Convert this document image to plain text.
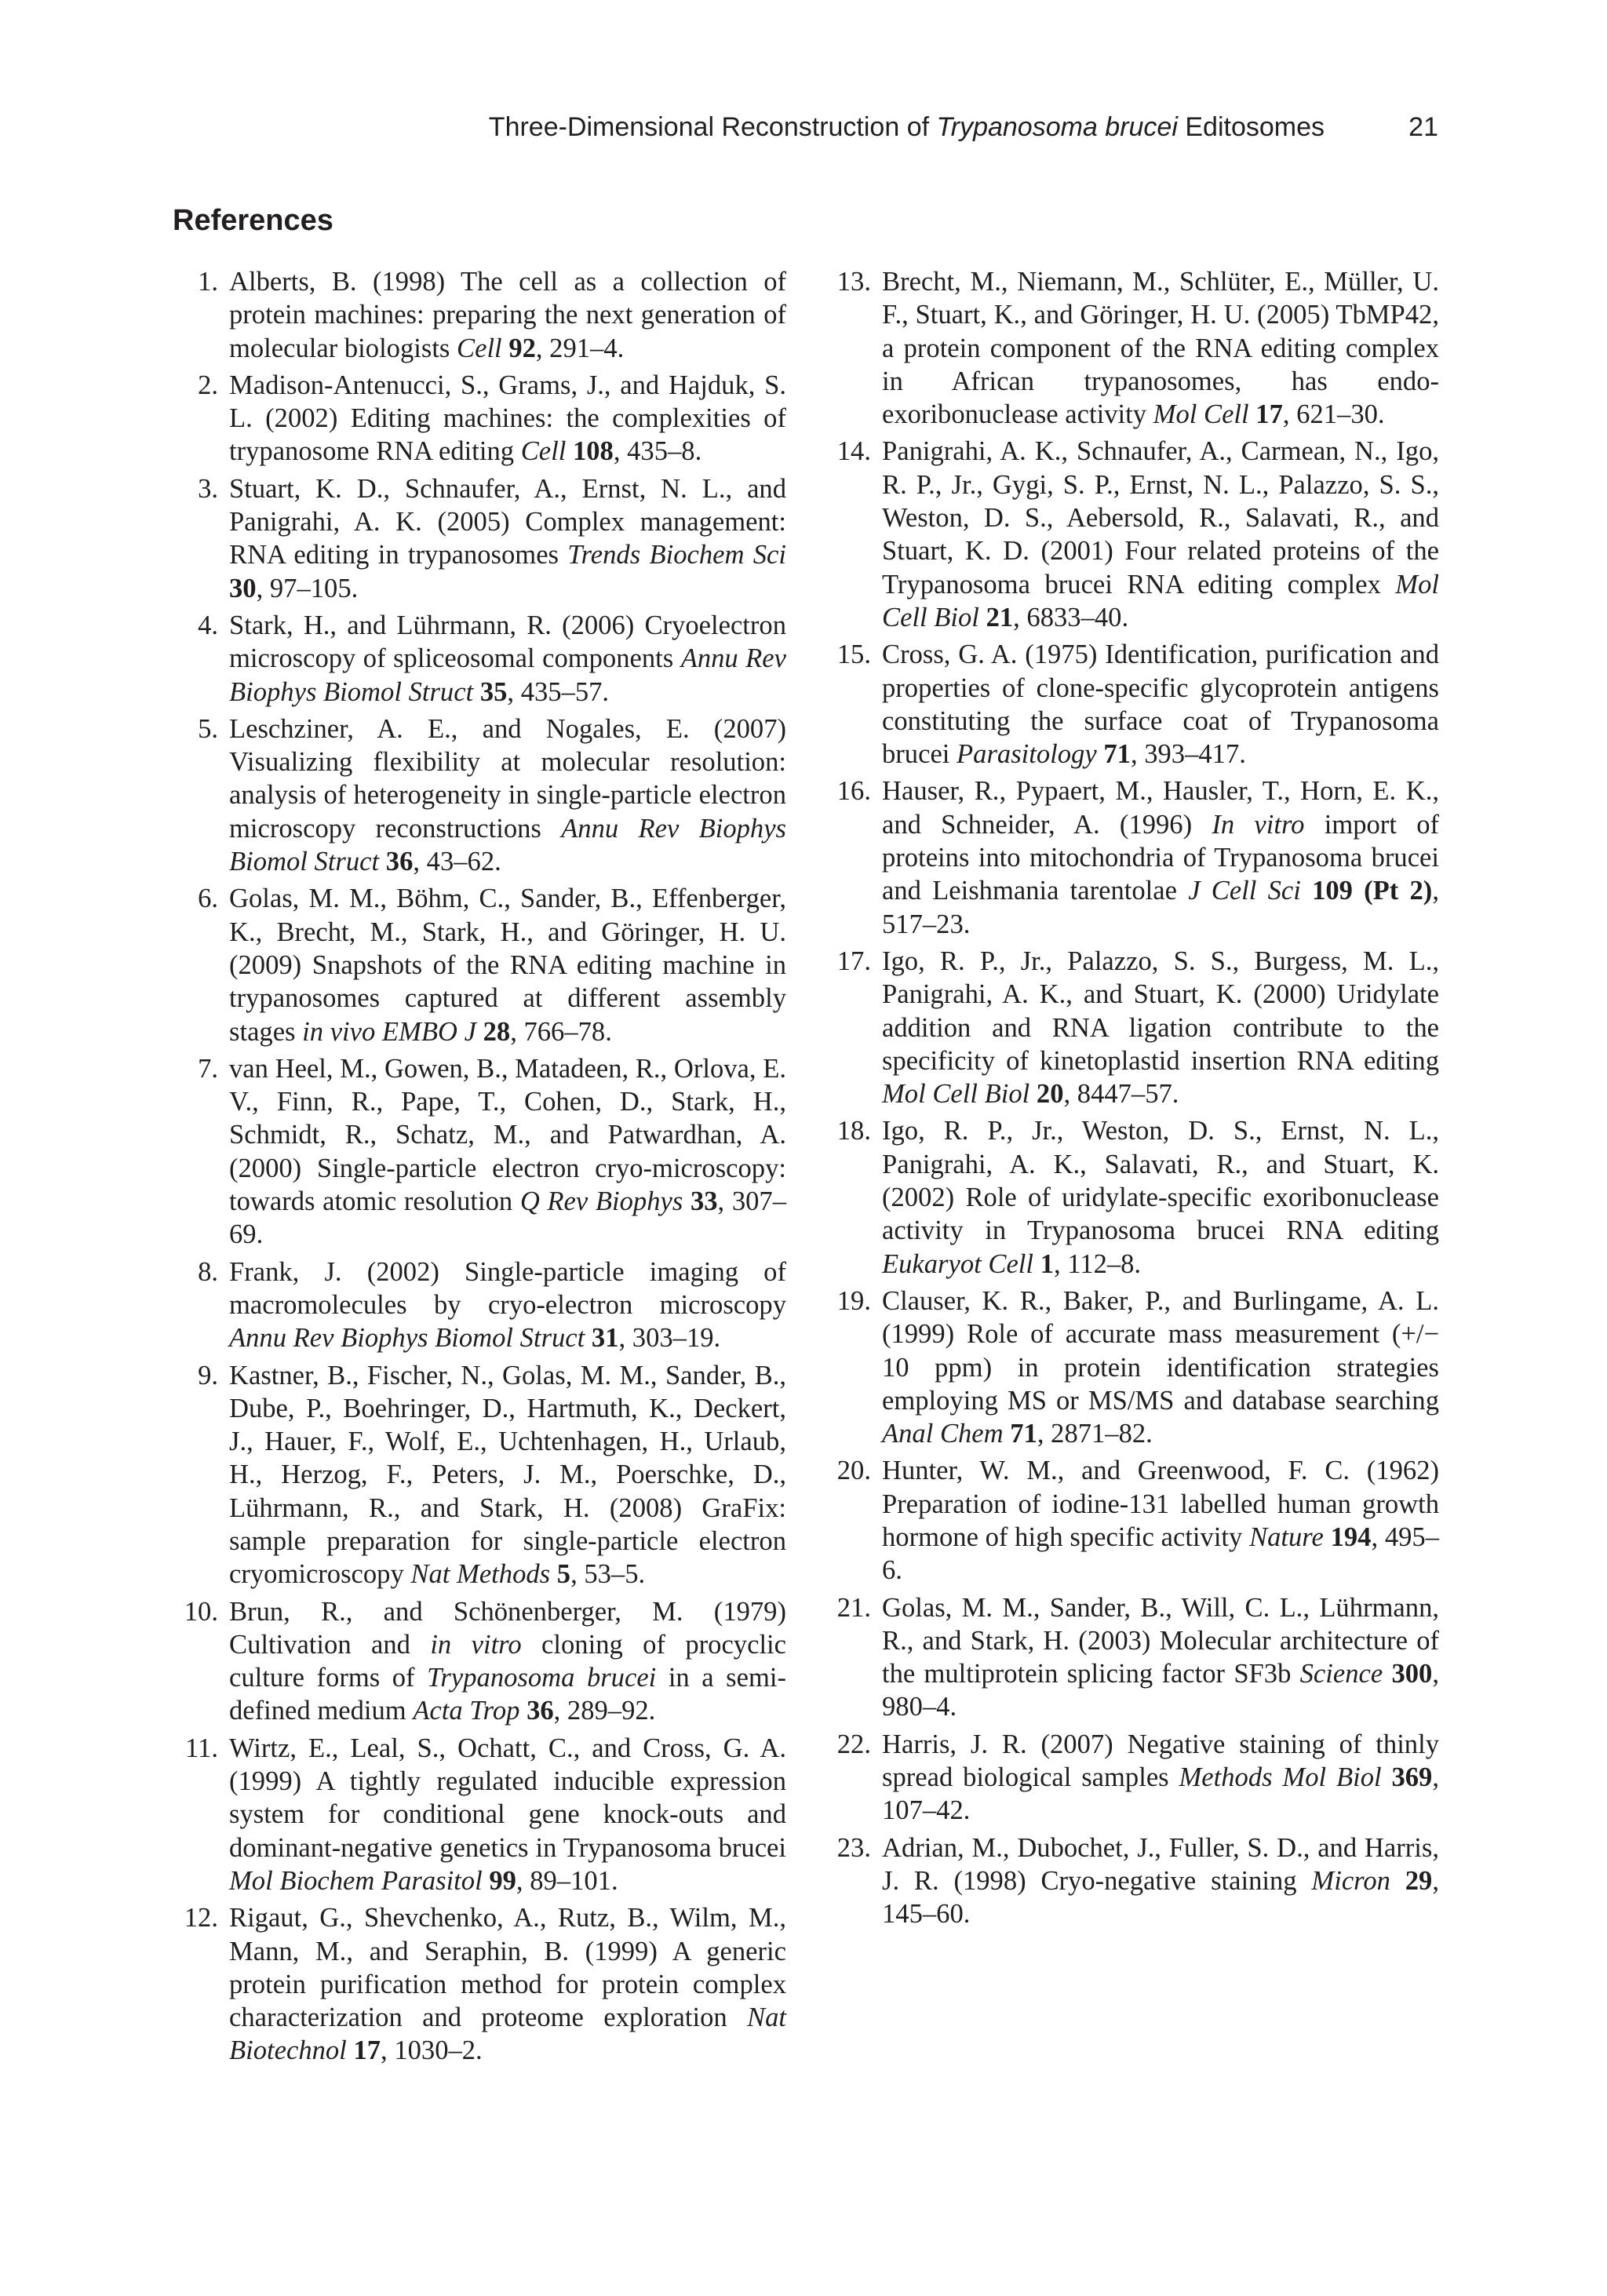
Three-Dimensional Reconstruction of Trypanosoma brucei Editosomes	21
References
1. Alberts, B. (1998) The cell as a collection of protein machines: preparing the next generation of molecular biologists Cell 92, 291–4.
2. Madison-Antenucci, S., Grams, J., and Hajduk, S. L. (2002) Editing machines: the complexities of trypanosome RNA editing Cell 108, 435–8.
3. Stuart, K. D., Schnaufer, A., Ernst, N. L., and Panigrahi, A. K. (2005) Complex management: RNA editing in trypanosomes Trends Biochem Sci 30, 97–105.
4. Stark, H., and Lührmann, R. (2006) Cryoelectron microscopy of spliceosomal components Annu Rev Biophys Biomol Struct 35, 435–57.
5. Leschziner, A. E., and Nogales, E. (2007) Visualizing flexibility at molecular resolution: analysis of heterogeneity in single-particle electron microscopy reconstructions Annu Rev Biophys Biomol Struct 36, 43–62.
6. Golas, M. M., Böhm, C., Sander, B., Effenberger, K., Brecht, M., Stark, H., and Göringer, H. U. (2009) Snapshots of the RNA editing machine in trypanosomes captured at different assembly stages in vivo EMBO J 28, 766–78.
7. van Heel, M., Gowen, B., Matadeen, R., Orlova, E. V., Finn, R., Pape, T., Cohen, D., Stark, H., Schmidt, R., Schatz, M., and Patwardhan, A. (2000) Single-particle electron cryo-microscopy: towards atomic resolution Q Rev Biophys 33, 307–69.
8. Frank, J. (2002) Single-particle imaging of macromolecules by cryo-electron microscopy Annu Rev Biophys Biomol Struct 31, 303–19.
9. Kastner, B., Fischer, N., Golas, M. M., Sander, B., Dube, P., Boehringer, D., Hartmuth, K., Deckert, J., Hauer, F., Wolf, E., Uchtenhagen, H., Urlaub, H., Herzog, F., Peters, J. M., Poerschke, D., Lührmann, R., and Stark, H. (2008) GraFix: sample preparation for single-particle electron cryomicroscopy Nat Methods 5, 53–5.
10. Brun, R., and Schönenberger, M. (1979) Cultivation and in vitro cloning of procyclic culture forms of Trypanosoma brucei in a semi-defined medium Acta Trop 36, 289–92.
11. Wirtz, E., Leal, S., Ochatt, C., and Cross, G. A. (1999) A tightly regulated inducible expression system for conditional gene knock-outs and dominant-negative genetics in Trypanosoma brucei Mol Biochem Parasitol 99, 89–101.
12. Rigaut, G., Shevchenko, A., Rutz, B., Wilm, M., Mann, M., and Seraphin, B. (1999) A generic protein purification method for protein complex characterization and proteome exploration Nat Biotechnol 17, 1030–2.
13. Brecht, M., Niemann, M., Schlüter, E., Müller, U. F., Stuart, K., and Göringer, H. U. (2005) TbMP42, a protein component of the RNA editing complex in African trypanosomes, has endo-exoribonuclease activity Mol Cell 17, 621–30.
14. Panigrahi, A. K., Schnaufer, A., Carmean, N., Igo, R. P., Jr., Gygi, S. P., Ernst, N. L., Palazzo, S. S., Weston, D. S., Aebersold, R., Salavati, R., and Stuart, K. D. (2001) Four related proteins of the Trypanosoma brucei RNA editing complex Mol Cell Biol 21, 6833–40.
15. Cross, G. A. (1975) Identification, purification and properties of clone-specific glycoprotein antigens constituting the surface coat of Trypanosoma brucei Parasitology 71, 393–417.
16. Hauser, R., Pypaert, M., Hausler, T., Horn, E. K., and Schneider, A. (1996) In vitro import of proteins into mitochondria of Trypanosoma brucei and Leishmania tarentolae J Cell Sci 109 (Pt 2), 517–23.
17. Igo, R. P., Jr., Palazzo, S. S., Burgess, M. L., Panigrahi, A. K., and Stuart, K. (2000) Uridylate addition and RNA ligation contribute to the specificity of kinetoplastid insertion RNA editing Mol Cell Biol 20, 8447–57.
18. Igo, R. P., Jr., Weston, D. S., Ernst, N. L., Panigrahi, A. K., Salavati, R., and Stuart, K. (2002) Role of uridylate-specific exoribonuclease activity in Trypanosoma brucei RNA editing Eukaryot Cell 1, 112–8.
19. Clauser, K. R., Baker, P., and Burlingame, A. L. (1999) Role of accurate mass measurement (+/− 10 ppm) in protein identification strategies employing MS or MS/MS and database searching Anal Chem 71, 2871–82.
20. Hunter, W. M., and Greenwood, F. C. (1962) Preparation of iodine-131 labelled human growth hormone of high specific activity Nature 194, 495–6.
21. Golas, M. M., Sander, B., Will, C. L., Lührmann, R., and Stark, H. (2003) Molecular architecture of the multiprotein splicing factor SF3b Science 300, 980–4.
22. Harris, J. R. (2007) Negative staining of thinly spread biological samples Methods Mol Biol 369, 107–42.
23. Adrian, M., Dubochet, J., Fuller, S. D., and Harris, J. R. (1998) Cryo-negative staining Micron 29, 145–60.
